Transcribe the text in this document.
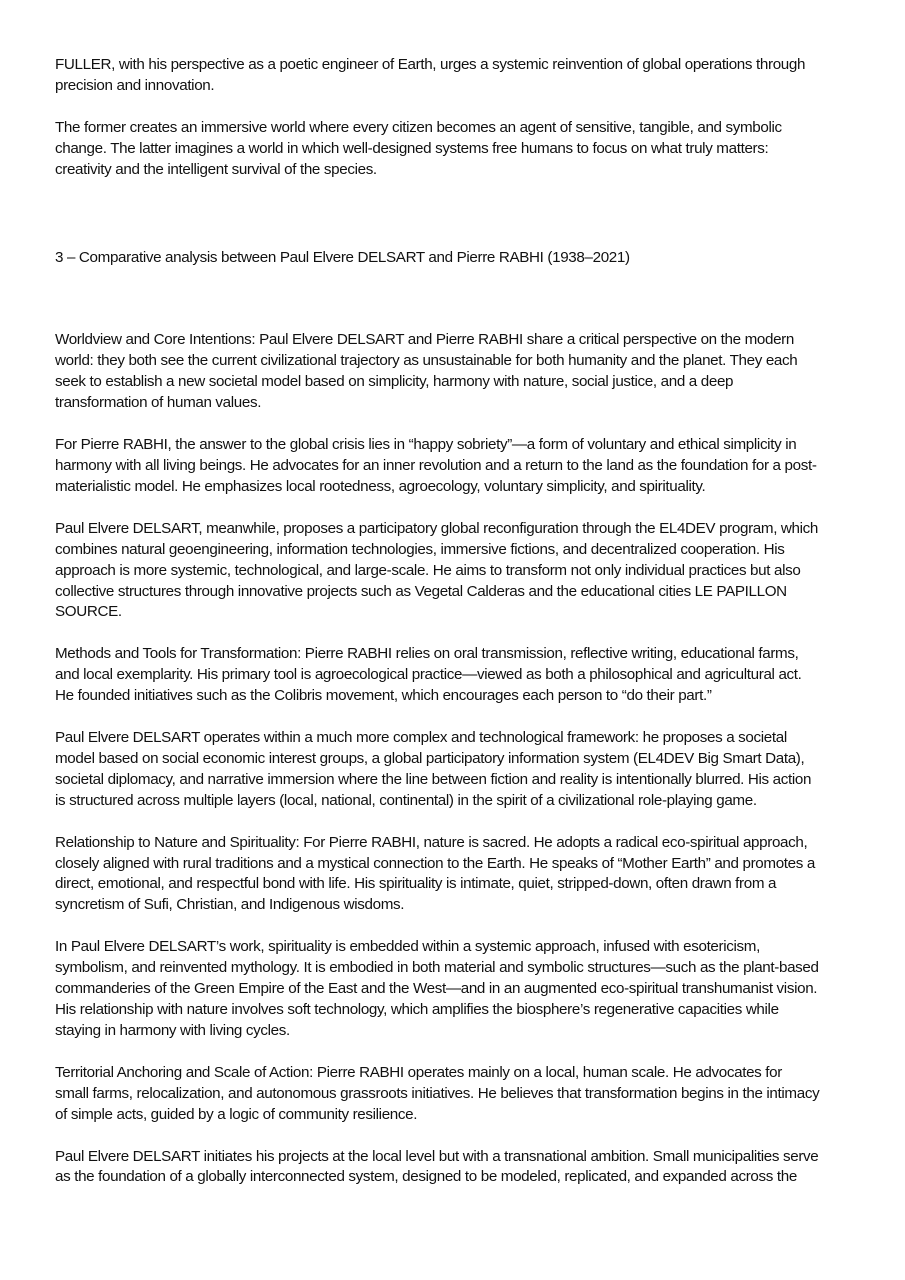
FULLER, with his perspective as a poetic engineer of Earth, urges a systemic reinvention of global operations through
precision and innovation.

The former creates an immersive world where every citizen becomes an agent of sensitive, tangible, and symbolic
change. The latter imagines a world in which well-designed systems free humans to focus on what truly matters:
creativity and the intelligent survival of the species.

3 – Comparative analysis between Paul Elvere DELSART and Pierre RABHI (1938–2021)

Worldview and Core Intentions: Paul Elvere DELSART and Pierre RABHI share a critical perspective on the modern
world: they both see the current civilizational trajectory as unsustainable for both humanity and the planet. They each
seek to establish a new societal model based on simplicity, harmony with nature, social justice, and a deep
transformation of human values.

For Pierre RABHI, the answer to the global crisis lies in “happy sobriety”—a form of voluntary and ethical simplicity in
harmony with all living beings. He advocates for an inner revolution and a return to the land as the foundation for a post-
materialistic model. He emphasizes local rootedness, agroecology, voluntary simplicity, and spirituality.

Paul Elvere DELSART, meanwhile, proposes a participatory global reconfiguration through the EL4DEV program, which
combines natural geoengineering, information technologies, immersive fictions, and decentralized cooperation. His
approach is more systemic, technological, and large-scale. He aims to transform not only individual practices but also
collective structures through innovative projects such as Vegetal Calderas and the educational cities LE PAPILLON
SOURCE.

Methods and Tools for Transformation: Pierre RABHI relies on oral transmission, reflective writing, educational farms,
and local exemplarity. His primary tool is agroecological practice—viewed as both a philosophical and agricultural act.
He founded initiatives such as the Colibris movement, which encourages each person to “do their part.”

Paul Elvere DELSART operates within a much more complex and technological framework: he proposes a societal
model based on social economic interest groups, a global participatory information system (EL4DEV Big Smart Data),
societal diplomacy, and narrative immersion where the line between fiction and reality is intentionally blurred. His action
is structured across multiple layers (local, national, continental) in the spirit of a civilizational role-playing game.

Relationship to Nature and Spirituality: For Pierre RABHI, nature is sacred. He adopts a radical eco-spiritual approach,
closely aligned with rural traditions and a mystical connection to the Earth. He speaks of “Mother Earth” and promotes a
direct, emotional, and respectful bond with life. His spirituality is intimate, quiet, stripped-down, often drawn from a
syncretism of Sufi, Christian, and Indigenous wisdoms.

In Paul Elvere DELSART’s work, spirituality is embedded within a systemic approach, infused with esotericism,
symbolism, and reinvented mythology. It is embodied in both material and symbolic structures—such as the plant-based
commanderies of the Green Empire of the East and the West—and in an augmented eco-spiritual transhumanist vision.
His relationship with nature involves soft technology, which amplifies the biosphere’s regenerative capacities while
staying in harmony with living cycles.

Territorial Anchoring and Scale of Action: Pierre RABHI operates mainly on a local, human scale. He advocates for
small farms, relocalization, and autonomous grassroots initiatives. He believes that transformation begins in the intimacy
of simple acts, guided by a logic of community resilience.

Paul Elvere DELSART initiates his projects at the local level but with a transnational ambition. Small municipalities serve
as the foundation of a globally interconnected system, designed to be modeled, replicated, and expanded across the
